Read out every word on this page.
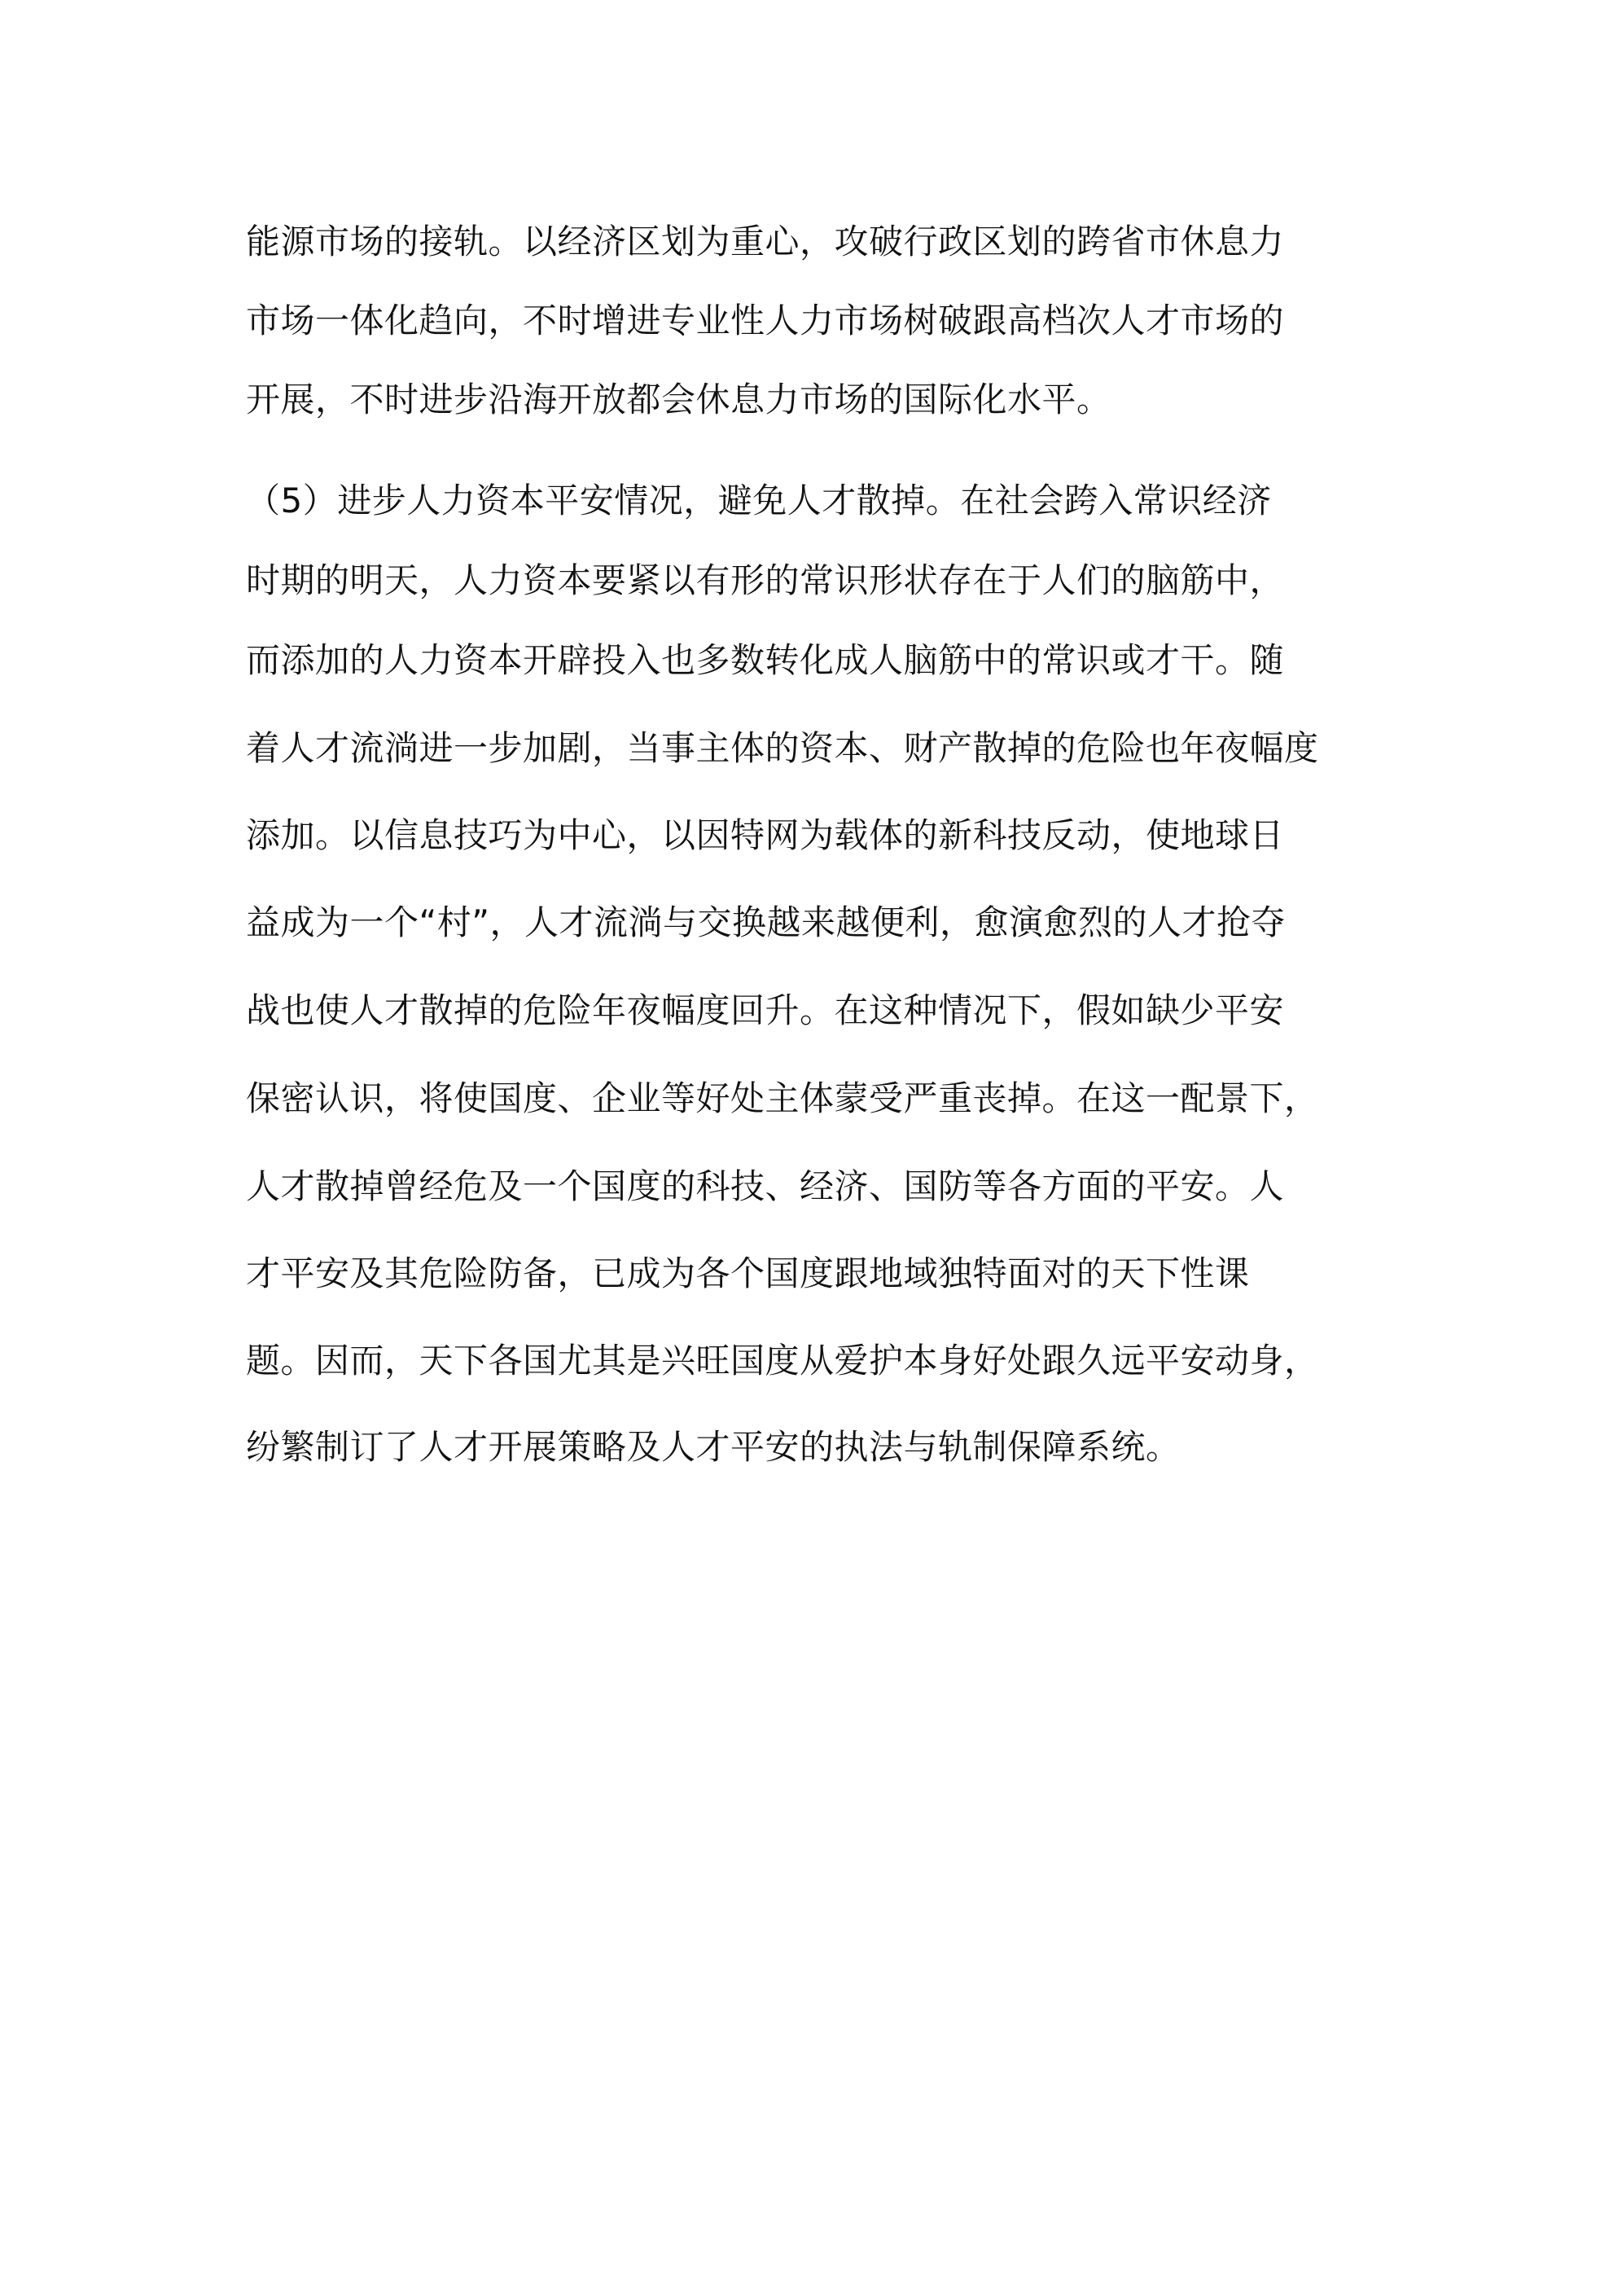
能源市场的接轨。以经济区划为重心，攻破行政区划的跨省市休息力
市场一体化趋向，不时增进专业性人力市场树破跟高档次人才市场的
开展，不时进步沿海开放都会休息力市场的国际化水平。
（5）进步人力资本平安情况，避免人才散掉。在社会跨入常识经济
时期的明天，人力资本要紧以有形的常识形状存在于人们的脑筋中，
而添加的人力资本开辟投入也多数转化成人脑筋中的常识或才干。随
着人才流淌进一步加剧，当事主体的资本、财产散掉的危险也年夜幅度
添加。以信息技巧为中心，以因特网为载体的新科技反动，使地球日
益成为一个“村”，人才流淌与交换越来越便利，愈演愈烈的人才抢夺
战也使人才散掉的危险年夜幅度回升。在这种情况下，假如缺少平安
保密认识，将使国度、企业等好处主体蒙受严重丧掉。在这一配景下，
人才散掉曾经危及一个国度的科技、经济、国防等各方面的平安。人
才平安及其危险防备，已成为各个国度跟地域独特面对的天下性课
题。因而，天下各国尤其是兴旺国度从爱护本身好处跟久远平安动身，
纷繁制订了人才开展策略及人才平安的执法与轨制保障系统。
